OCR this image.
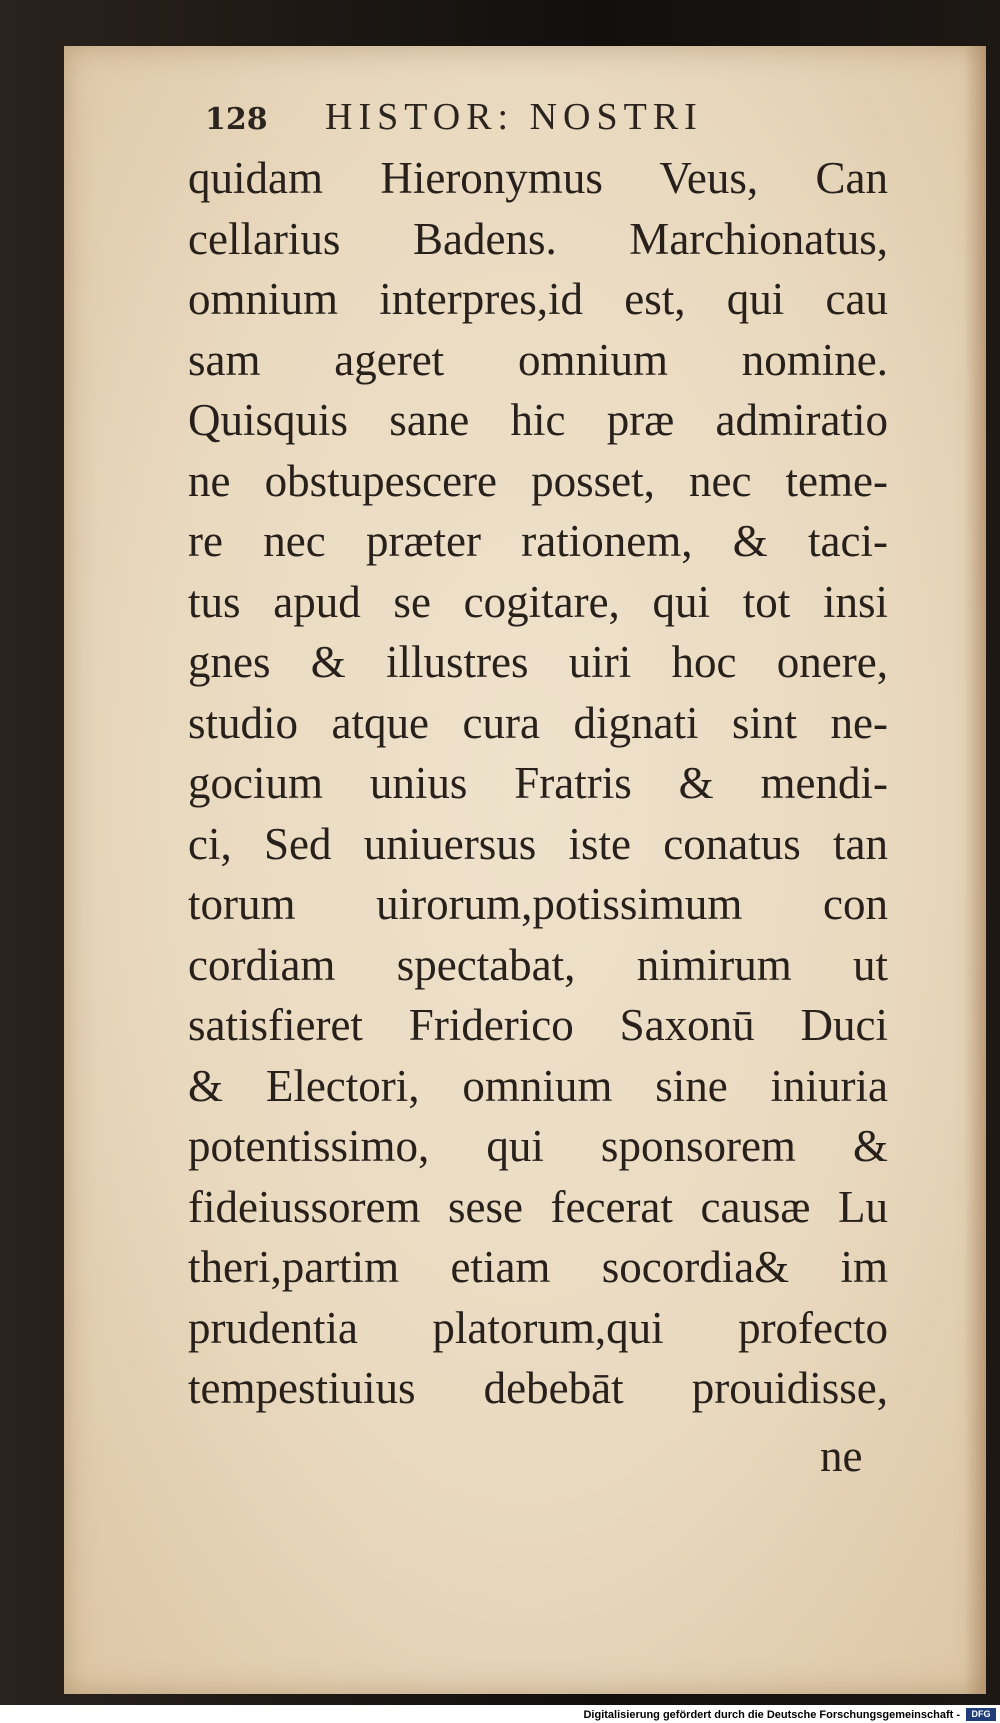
128	HISTOR: NOSTRI
quidam Hieronymus Veus, Can
cellarius Badens. Marchionatus,
omnium interpres,id est, qui cau
sam ageret omnium nomine.
Quisquis sane hic præ admiratio
ne obstupescere posset, nec teme-
re nec præter rationem, & taci-
tus apud se cogitare, qui tot insi
gnes & illustres uiri hoc onere,
studio atque cura dignati sint ne-
gocium unius Fratris & mendi-
ci, Sed uniuersus iste conatus tan
torum uirorum,potissimum con
cordiam spectabat, nimirum ut
satisfieret Friderico Saxonū Duci
& Electori, omnium sine iniuria
potentissimo, qui sponsorem &
fideiussorem sese fecerat causæ Lu
theri,partim etiam socordia& im
prudentia platorum,qui profecto
tempestiuius debebāt prouidisse,
ne
Digitalisierung gefördert durch die Deutsche Forschungsgemeinschaft -	DFG
